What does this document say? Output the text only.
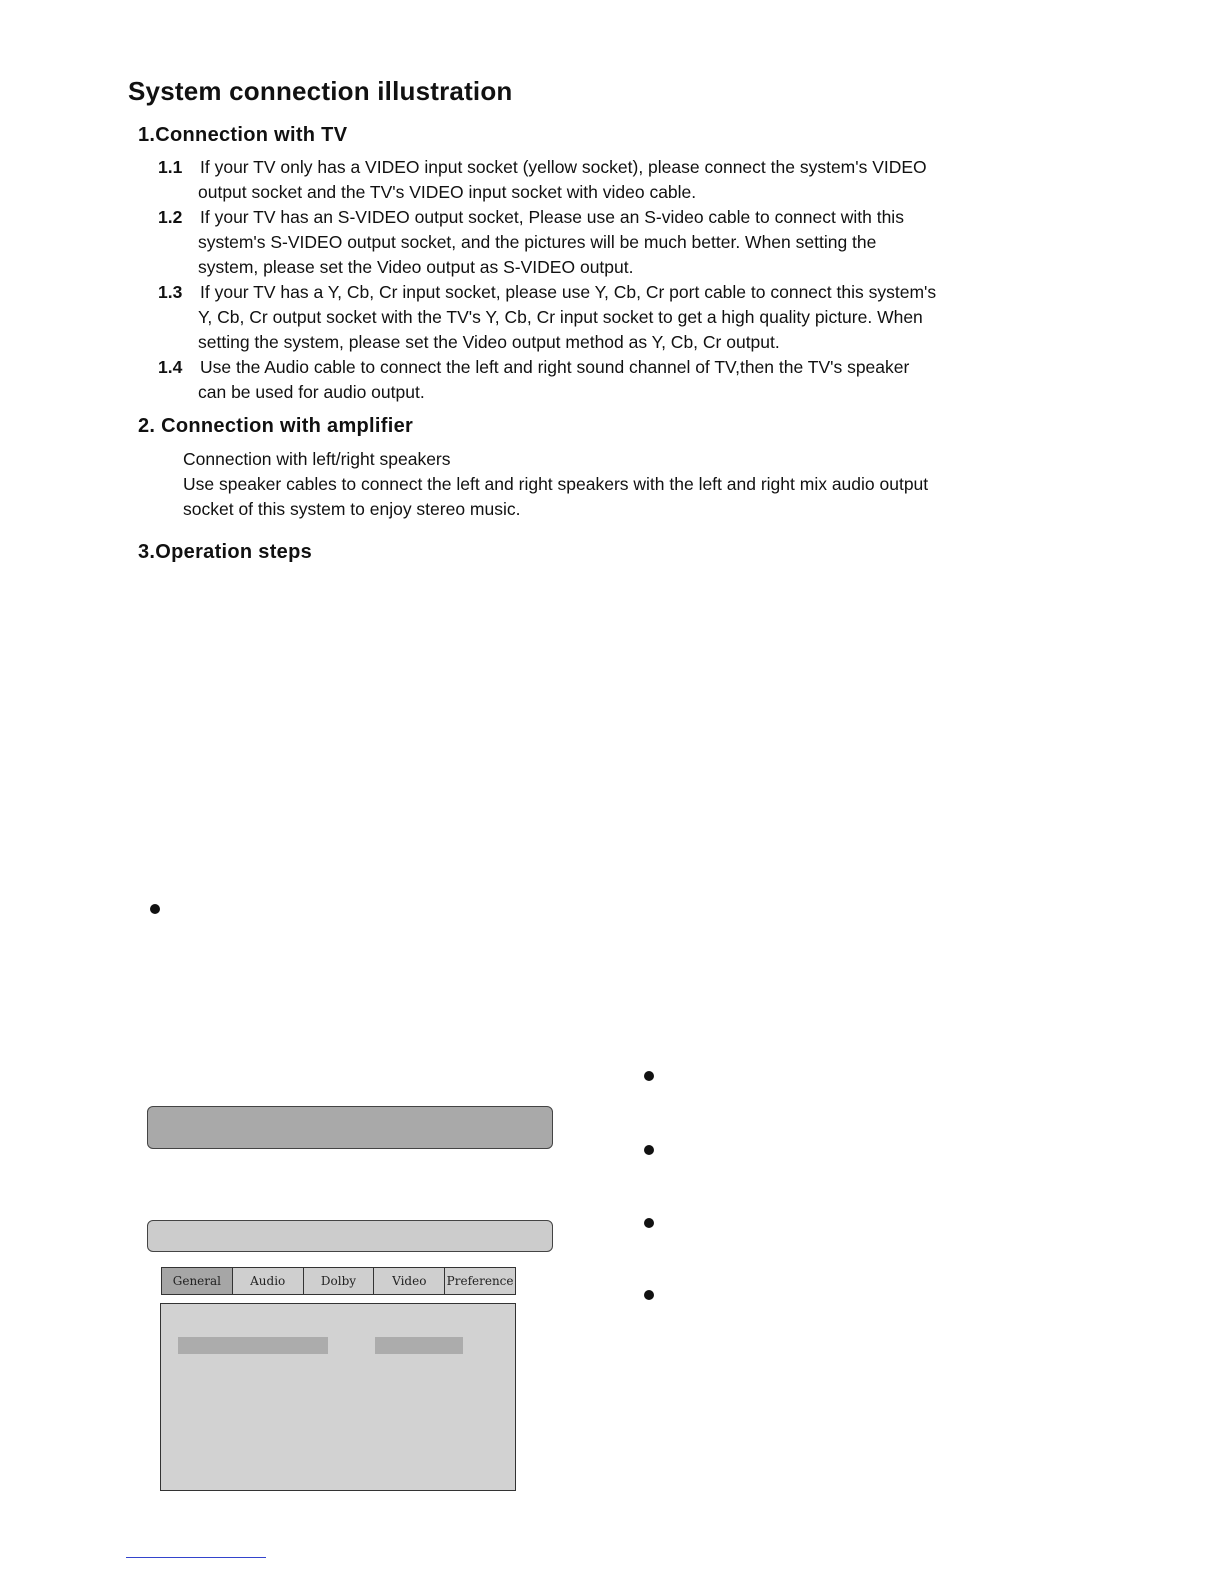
System connection illustration
1.Connection with TV
1.1 If your TV only has a VIDEO input socket (yellow socket), please connect the system's VIDEO
output socket and the TV's VIDEO input socket with video cable.
1.2 If your TV has an S-VIDEO output socket, Please use an S-video cable to connect with this
system's S-VIDEO output socket, and the pictures will be much better. When setting the
system, please set the Video output as S-VIDEO output.
1.3 If your TV has a Y, Cb, Cr input socket, please use Y, Cb, Cr port cable to connect this system's
Y, Cb, Cr output socket with the TV's Y, Cb, Cr input socket to get a high quality picture. When
setting the system, please set the Video output method as Y, Cb, Cr output.
1.4 Use the Audio cable to connect the left and right sound channel of TV,then the TV's speaker
can be used for audio output.
2. Connection with amplifier
Connection with left/right speakers
Use speaker cables to connect the left and right speakers with the left and right mix audio output
socket of this system to enjoy stereo music.
3.Operation steps
General	Audio	Dolby	Video	Preference
